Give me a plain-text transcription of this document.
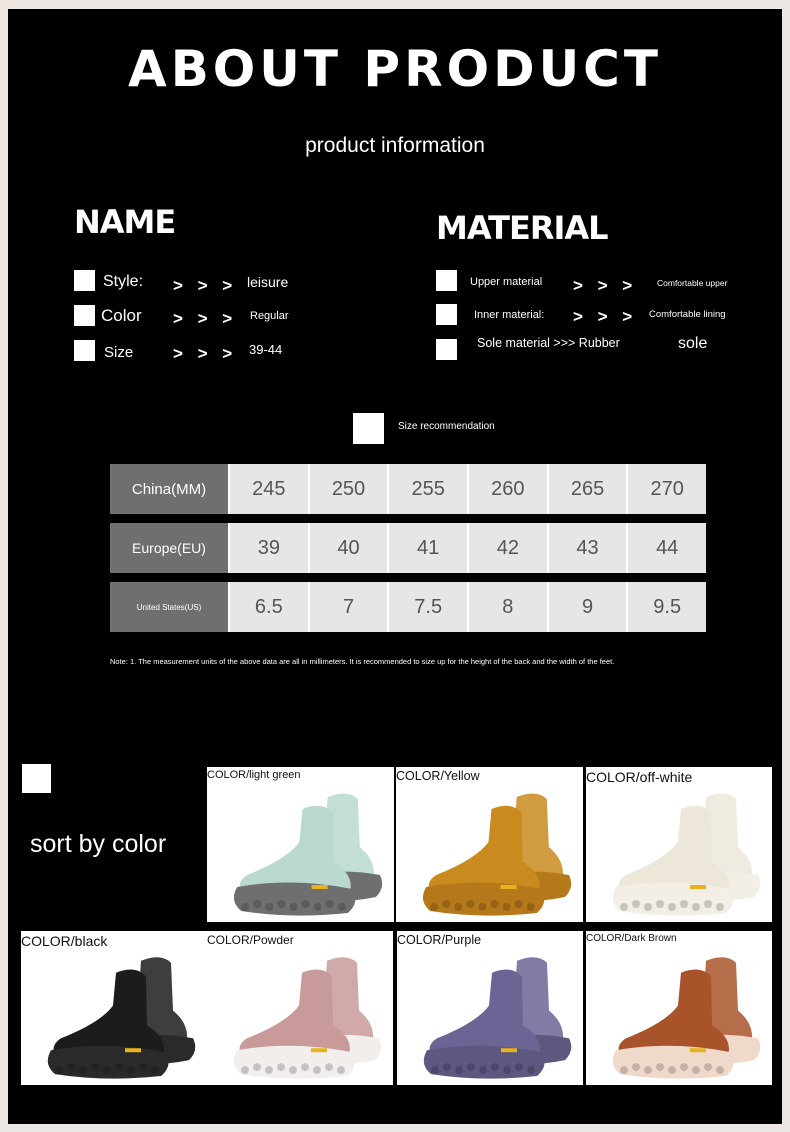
ABOUT PRODUCT
product information
NAME
Style: > > > leisure
Color > > > Regular
Size > > > 39-44
MATERIAL
Upper material > > > Comfortable upper
Inner material: > > > Comfortable lining
Sole material >>> Rubber	sole
Size recommendation
China(MM)	245	250	255	260	265	270
Europe(EU)	39	40	41	42	43	44
United States(US)	6.5	7	7.5	8	9	9.5
Note: 1. The measurement units of the above data are all in millimeters. It is recommended to size up for the height of the back and the width of the feet.
sort by color
COLOR/light green	COLOR/Yellow	COLOR/off-white
COLOR/black	COLOR/Powder	COLOR/Purple	COLOR/Dark Brown
